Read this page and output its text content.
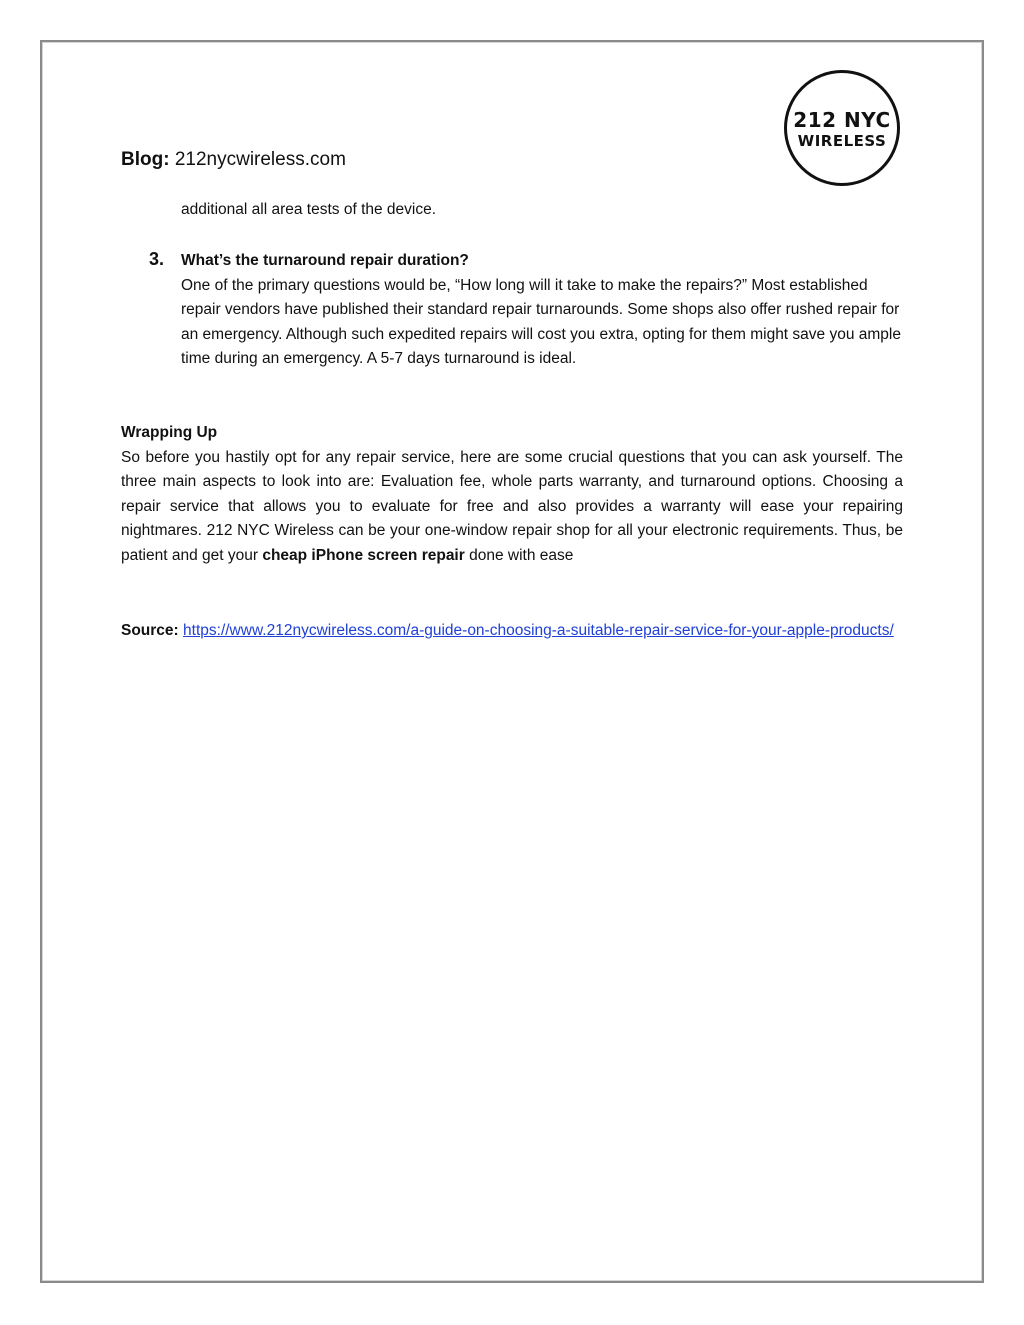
212 NYC
WIRELESS
Blog: 212nycwireless.com
additional all area tests of the device.
3. What’s the turnaround repair duration?
One of the primary questions would be, “How long will it take to make the repairs?” Most established repair vendors have published their standard repair turnarounds. Some shops also offer rushed repair for an emergency. Although such expedited repairs will cost you extra, opting for them might save you ample time during an emergency. A 5-7 days turnaround is ideal.
Wrapping Up
So before you hastily opt for any repair service, here are some crucial questions that you can ask yourself. The three main aspects to look into are: Evaluation fee, whole parts warranty, and turnaround options. Choosing a repair service that allows you to evaluate for free and also provides a warranty will ease your repairing nightmares. 212 NYC Wireless can be your one-window repair shop for all your electronic requirements. Thus, be patient and get your cheap iPhone screen repair done with ease
Source: https://www.212nycwireless.com/a-guide-on-choosing-a-suitable-repair-service-for-your-apple-products/
